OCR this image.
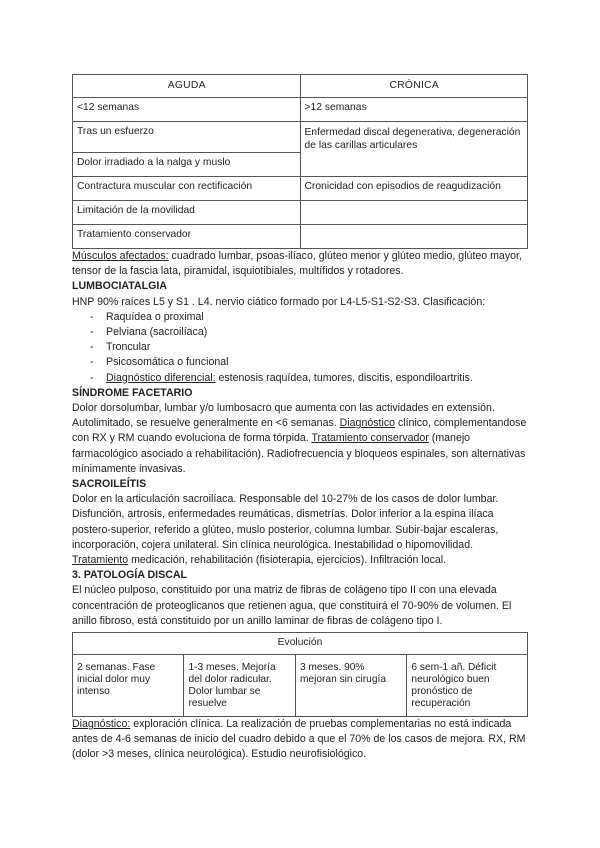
AGUDA	CRÓNICA
<12 semanas	>12 semanas
Tras un esfuerzo	Enfermedad discal degenerativa, degeneración de las carillas articulares
Dolor irradiado a la nalga y muslo	
Contractura muscular con rectificación	Cronicidad con episodios de reagudización
Limitación de la movilidad	
Tratamiento conservador	

Músculos afectados: cuadrado lumbar, psoas-ilíaco, glúteo menor y glúteo medio, glúteo mayor, tensor de la fascia lata, piramidal, isquiotibiales, multífidos y rotadores.

LUMBOCIATALGIA

HNP 90% raíces L5 y S1 . L4. nervio ciático formado por L4-L5-S1-S2-S3. Clasificación:

- Raquídea o proximal
- Pelviana (sacroilíaca)
- Troncular
- Psicosomática o funcional
- Diagnóstico diferencial: estenosis raquídea, tumores, discitis, espondiloartritis.
SÍNDROME FACETARIO

Dolor dorsolumbar, lumbar y/o lumbosacro que aumenta con las actividades en extensión. Autolimitado, se resuelve generalmente en <6 semanas. Diagnóstico clínico, complementandose con RX y RM cuando evoluciona de forma tórpida. Tratamiento conservador (manejo farmacológico asociado a rehabilitación). Radiofrecuencia y bloqueos espinales, son alternativas mínimamente invasivas.

SACROILEÍTIS

Dolor en la articulación sacroilíaca. Responsable del 10-27% de los casos de dolor lumbar. Disfunción, artrosis, enfermedades reumáticas, dismetrías. Dolor inferior a la espina ilíaca postero-superior, referido a glúteo, muslo posterior, columna lumbar. Subir-bajar escaleras, incorporación, cojera unilateral. Sin clínica neurológica. Inestabilidad o hipomovilidad.

Tratamiento medicación, rehabilitación (fisioterapia, ejercicios). Infiltración local.

3. PATOLOGÍA DISCAL

El núcleo pulposo, constituido por una matriz de fibras de colágeno tipo II con una elevada concentración de proteoglicanos que retienen agua, que constituirá el 70-90% de volumen. El anillo fibroso, está constituido por un anillo laminar de fibras de colágeno tipo I.

Evolución
2 semanas. Fase inicial dolor muy intenso	1-3 meses. Mejoría del dolor radicular. Dolor lumbar se resuelve	3 meses. 90% mejoran sin cirugía	6 sem-1 añ. Déficit neurológico buen pronóstico de recuperación

Diagnóstico: exploración clínica. La realización de pruebas complementarias no está indicada antes de 4-6 semanas de inicio del cuadro debido a que el 70% de los casos de mejora. RX, RM (dolor >3 meses, clínica neurológica). Estudio neurofisiológico.
